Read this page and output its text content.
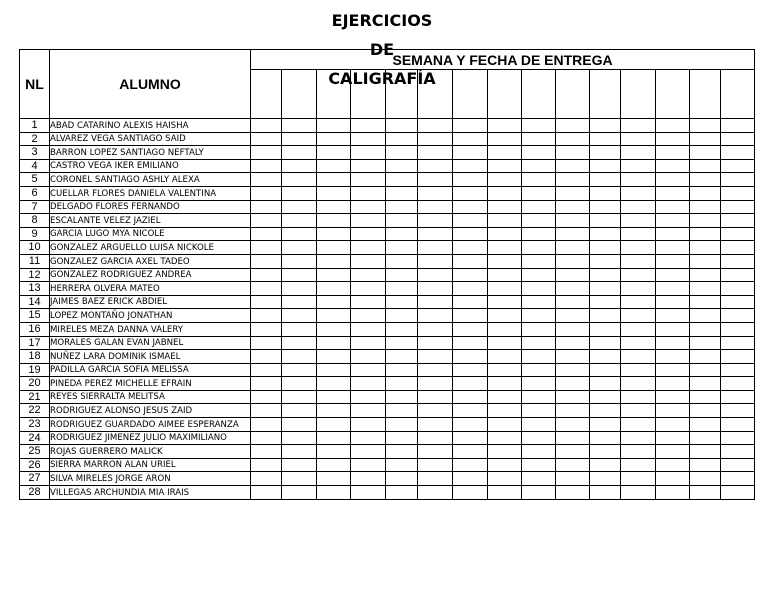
EJERCICIOS
DE
CALIGRAFÍA
NL	ALUMNO	SEMANA Y FECHA DE ENTREGA														

1	ABAD CATARINO ALEXIS HAISHA															
2	ALVAREZ VEGA SANTIAGO SAID															
3	BARRON LOPEZ SANTIAGO NEFTALY															
4	CASTRO VEGA IKER EMILIANO															
5	CORONEL SANTIAGO ASHLY ALEXA															
6	CUELLAR FLORES DANIELA VALENTINA															
7	DELGADO FLORES FERNANDO															
8	ESCALANTE VELEZ JAZIEL															
9	GARCIA LUGO MYA NICOLE															
10	GONZALEZ ARGUELLO LUISA NICKOLE															
11	GONZALEZ GARCIA AXEL TADEO															
12	GONZALEZ RODRIGUEZ ANDREA															
13	HERRERA OLVERA MATEO															
14	JAIMES BAEZ ERICK ABDIEL															
15	LOPEZ MONTAÑO JONATHAN															
16	MIRELES MEZA DANNA VALERY															
17	MORALES GALAN EVAN JABNEL															
18	NUÑEZ LARA DOMINIK ISMAEL															
19	PADILLA GARCIA SOFIA MELISSA															
20	PINEDA PEREZ MICHELLE EFRAIN															
21	REYES SIERRALTA MELITSA															
22	RODRIGUEZ ALONSO JESUS ZAID															
23	RODRIGUEZ GUARDADO AIMEE ESPERANZA															
24	RODRIGUEZ JIMENEZ JULIO MAXIMILIANO															
25	ROJAS GUERRERO MALICK															
26	SIERRA MARRON ALAN URIEL															
27	SILVA MIRELES JORGE ARON															
28	VILLEGAS ARCHUNDIA MIA IRAIS															
